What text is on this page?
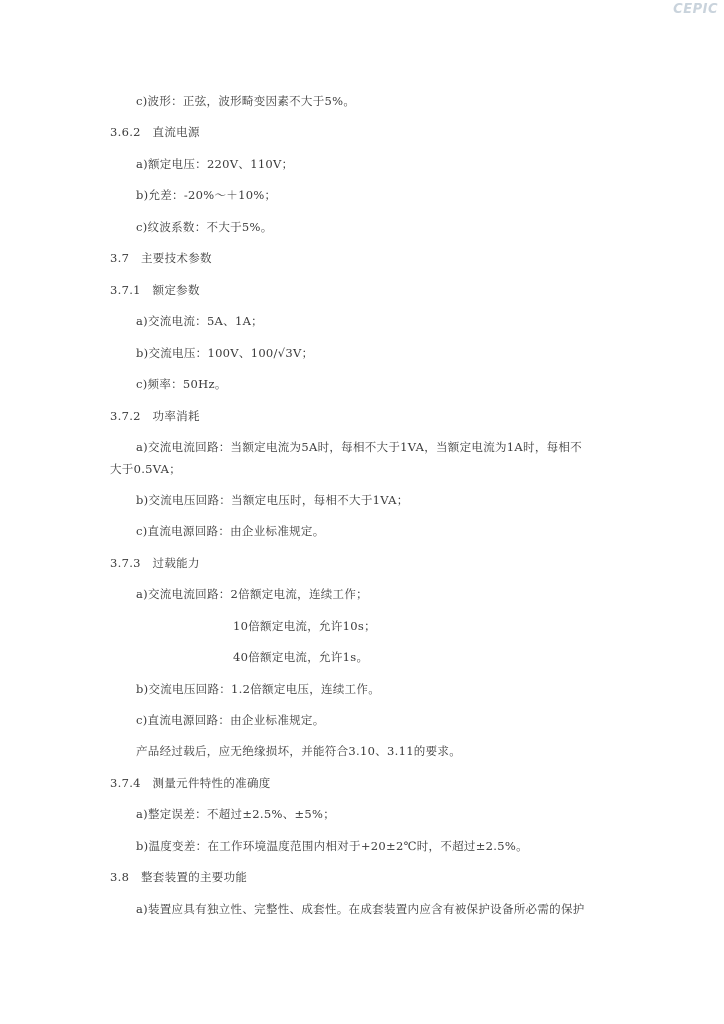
CEPIC
c)波形：正弦，波形畸变因素不大于5%。
3.6.2　直流电源
a)额定电压：220V、110V；
b)允差：-20%～＋10%；
c)纹波系数：不大于5%。
3.7　主要技术参数
3.7.1　额定参数
a)交流电流：5A、1A；
b)交流电压：100V、100/√3V；
c)频率：50Hz。
3.7.2　功率消耗
a)交流电流回路：当额定电流为5A时，每相不大于1VA，当额定电流为1A时，每相不
大于0.5VA；
b)交流电压回路：当额定电压时，每相不大于1VA；
c)直流电源回路：由企业标准规定。
3.7.3　过载能力
a)交流电流回路：2倍额定电流，连续工作；
10倍额定电流，允许10s；
40倍额定电流，允许1s。
b)交流电压回路：1.2倍额定电压，连续工作。
c)直流电源回路：由企业标准规定。
产品经过载后，应无绝缘损坏，并能符合3.10、3.11的要求。
3.7.4　测量元件特性的准确度
a)整定误差：不超过±2.5%、±5%；
b)温度变差：在工作环境温度范围内相对于+20±2℃时，不超过±2.5%。
3.8　整套装置的主要功能
a)装置应具有独立性、完整性、成套性。在成套装置内应含有被保护设备所必需的保护
